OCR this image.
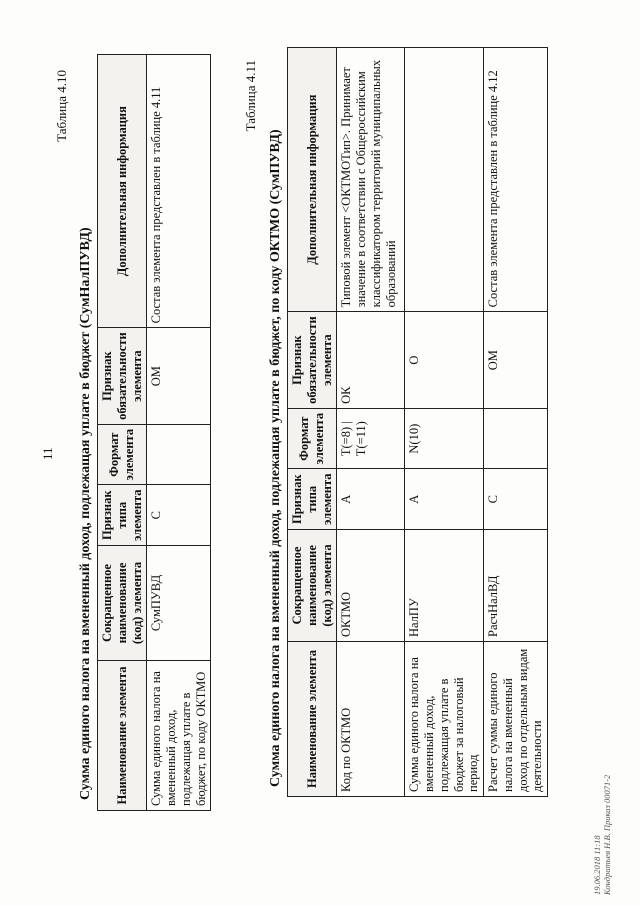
11
Таблица 4.10
Сумма единого налога на вмененный доход, подлежащая уплате в бюджет (СумНалПУВД) Наименование элемента	Сокращенное наименование (код) элемента	Признак типа элемента	Формат элемента	Признак обязательности элемента	Дополнительная информация
Сумма единого налога на вмененный доход, подлежащая уплате в бюджет, по коду ОКТМО	СумПУВД	С		ОМ	Состав элемента представлен в таблице 4.11	Таблица 4.11
Сумма единого налога на вмененный доход, подлежащая уплате в бюджет, по коду ОКТМО (СумПУВД) Наименование элемента	Сокращенное наименование (код) элемента	Признак типа элемента	Формат элемента	Признак обязательности элемента	Дополнительная информация
Код по ОКТМО	ОКТМО	А	T(=8) | T(=11)	ОК	Типовой элемент <ОКТМОТип>. Принимает значение в соответствии с Общероссийским классификатором территорий муниципальных образований
Сумма единого налога на вмененный доход, подлежащая уплате в бюджет за налоговый период	НалПУ	А	N(10)	О	
Расчет суммы единого налога на вмененный доход по отдельным видам деятельности	РасчНалВД	С		ОМ	Состав элемента представлен в таблице 4.12
19.06.2018 11:18 Кондратьев Н.В. Приказ 00071-2
